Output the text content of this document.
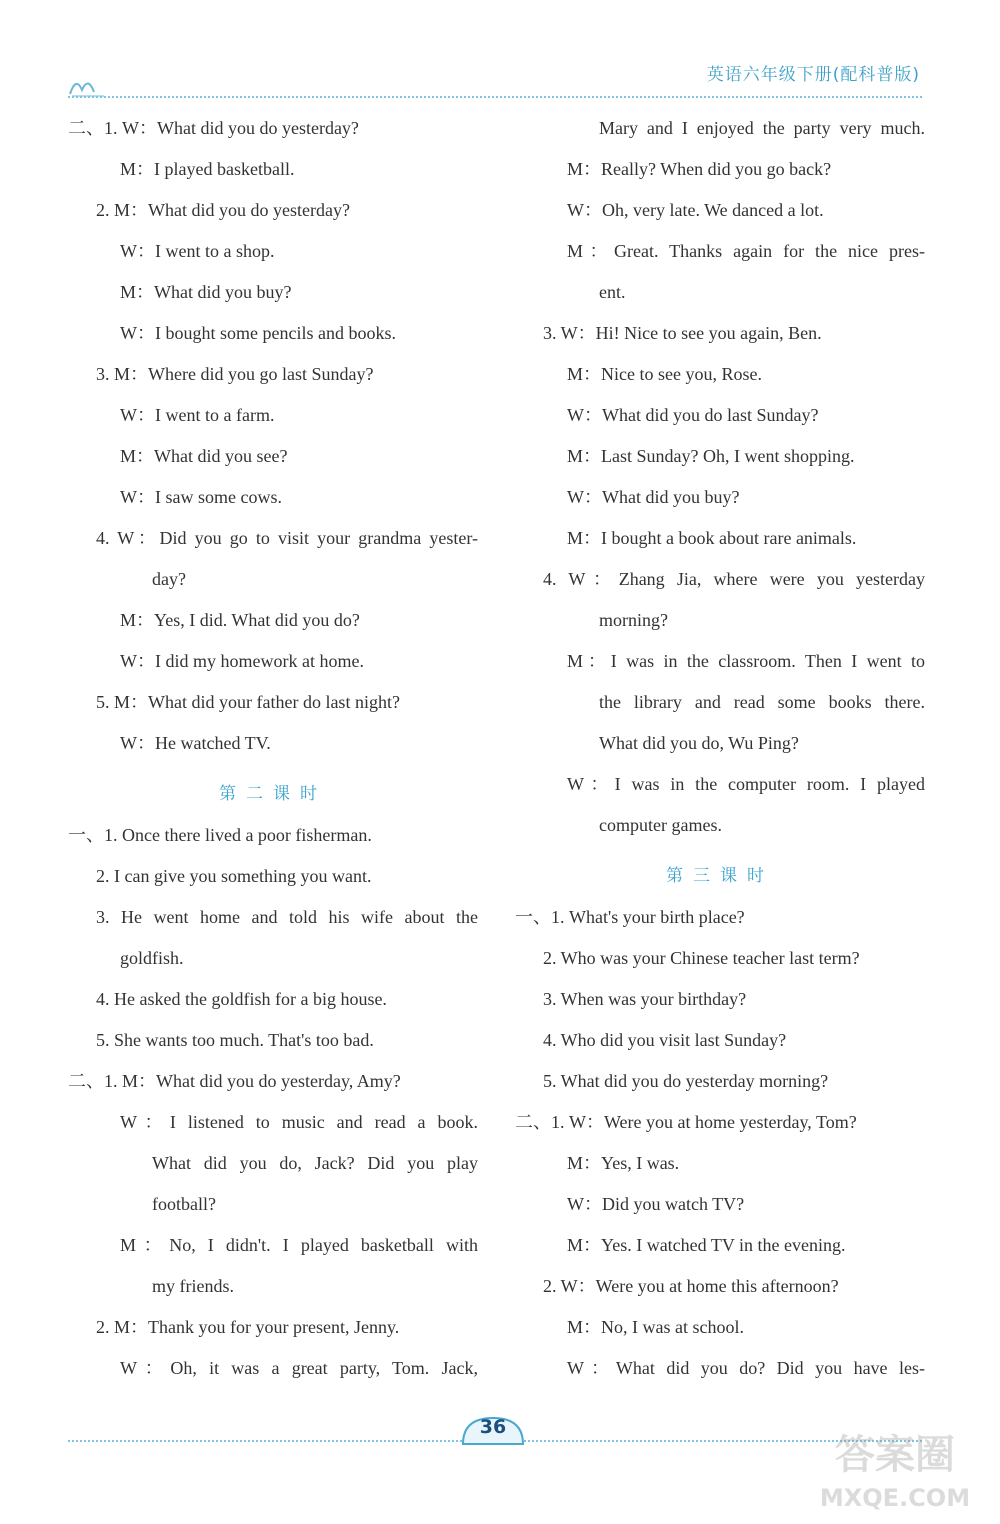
英语六年级下册(配科普版)
二、1. W：What did you do yesterday?
M：I played basketball.
2. M：What did you do yesterday?
W：I went to a shop.
M：What did you buy?
W：I bought some pencils and books.
3. M：Where did you go last Sunday?
W：I went to a farm.
M：What did you see?
W：I saw some cows.
4. W：Did you go to visit your grandma yester-
day?
M：Yes, I did. What did you do?
W：I did my homework at home.
5. M：What did your father do last night?
W：He watched TV.
第二课时
一、1. Once there lived a poor fisherman.
2. I can give you something you want.
3. He went home and told his wife about the
goldfish.
4. He asked the goldfish for a big house.
5. She wants too much. That's too bad.
二、1. M：What did you do yesterday, Amy?
W：I listened to music and read a book.
What did you do, Jack? Did you play
football?
M：No, I didn't. I played basketball with
my friends.
2. M：Thank you for your present, Jenny.
W：Oh, it was a great party, Tom. Jack,
Mary and I enjoyed the party very much.
M：Really? When did you go back?
W：Oh, very late. We danced a lot.
M：Great. Thanks again for the nice pres-
ent.
3. W：Hi! Nice to see you again, Ben.
M：Nice to see you, Rose.
W：What did you do last Sunday?
M：Last Sunday? Oh, I went shopping.
W：What did you buy?
M：I bought a book about rare animals.
4. W：Zhang Jia, where were you yesterday
morning?
M：I was in the classroom. Then I went to
the library and read some books there.
What did you do, Wu Ping?
W：I was in the computer room. I played
computer games.
第三课时
一、1. What's your birth place?
2. Who was your Chinese teacher last term?
3. When was your birthday?
4. Who did you visit last Sunday?
5. What did you do yesterday morning?
二、1. W：Were you at home yesterday, Tom?
M：Yes, I was.
W：Did you watch TV?
M：Yes. I watched TV in the evening.
2. W：Were you at home this afternoon?
M：No, I was at school.
W：What did you do? Did you have les-
36
答案圈
MXQE.COM
